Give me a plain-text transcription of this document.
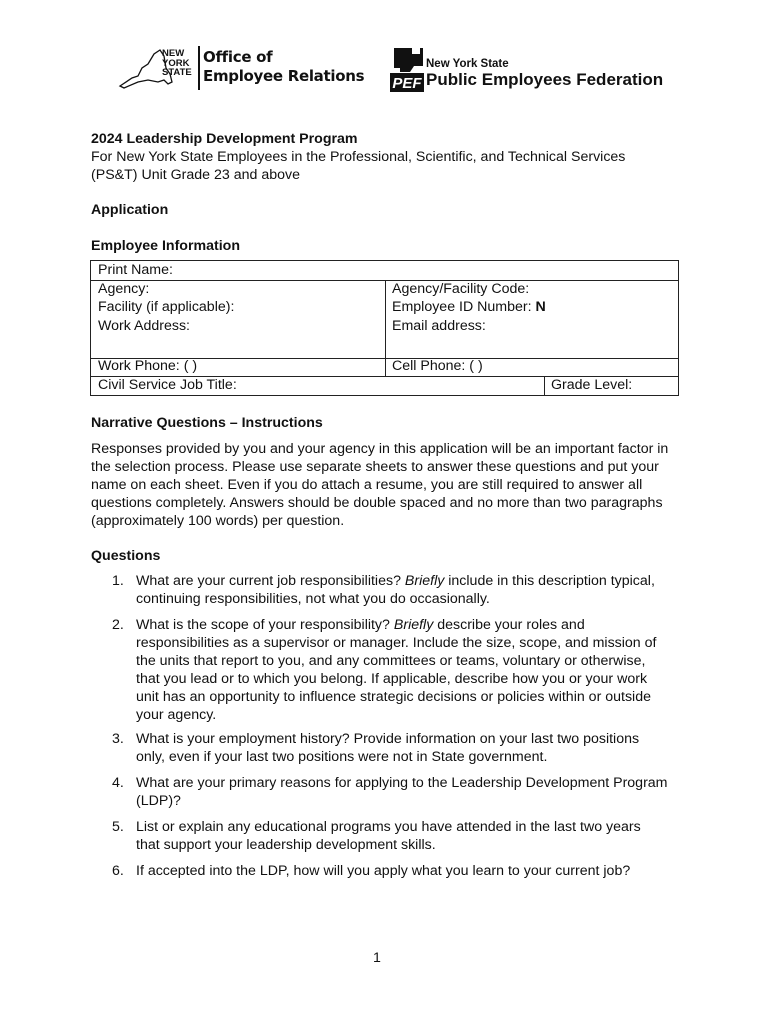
NEW
YORK
STATE
Office of
Employee Relations PEF
New York State
Public Employees Federation
2024 Leadership Development Program
For New York State Employees in the Professional, Scientific, and Technical Services
(PS&T) Unit Grade 23 and above
Application
Employee Information
Print Name:
Agency:	Agency/Facility Code:
Facility (if applicable):	Employee ID Number: N
Work Address:	Email address:
Work Phone: ( )	Cell Phone: ( )
Civil Service Job Title:	Grade Level:
Narrative Questions – Instructions
Responses provided by you and your agency in this application will be an important factor in
the selection process. Please use separate sheets to answer these questions and put your
name on each sheet. Even if you do attach a resume, you are still required to answer all
questions completely. Answers should be double spaced and no more than two paragraphs
(approximately 100 words) per question.
Questions
1. What are your current job responsibilities? Briefly include in this description typical,
continuing responsibilities, not what you do occasionally.
2. What is the scope of your responsibility? Briefly describe your roles and
responsibilities as a supervisor or manager. Include the size, scope, and mission of
the units that report to you, and any committees or teams, voluntary or otherwise,
that you lead or to which you belong. If applicable, describe how you or your work
unit has an opportunity to influence strategic decisions or policies within or outside
your agency.
3. What is your employment history? Provide information on your last two positions
only, even if your last two positions were not in State government.
4. What are your primary reasons for applying to the Leadership Development Program
(LDP)?
5. List or explain any educational programs you have attended in the last two years
that support your leadership development skills.
6. If accepted into the LDP, how will you apply what you learn to your current job?
1
